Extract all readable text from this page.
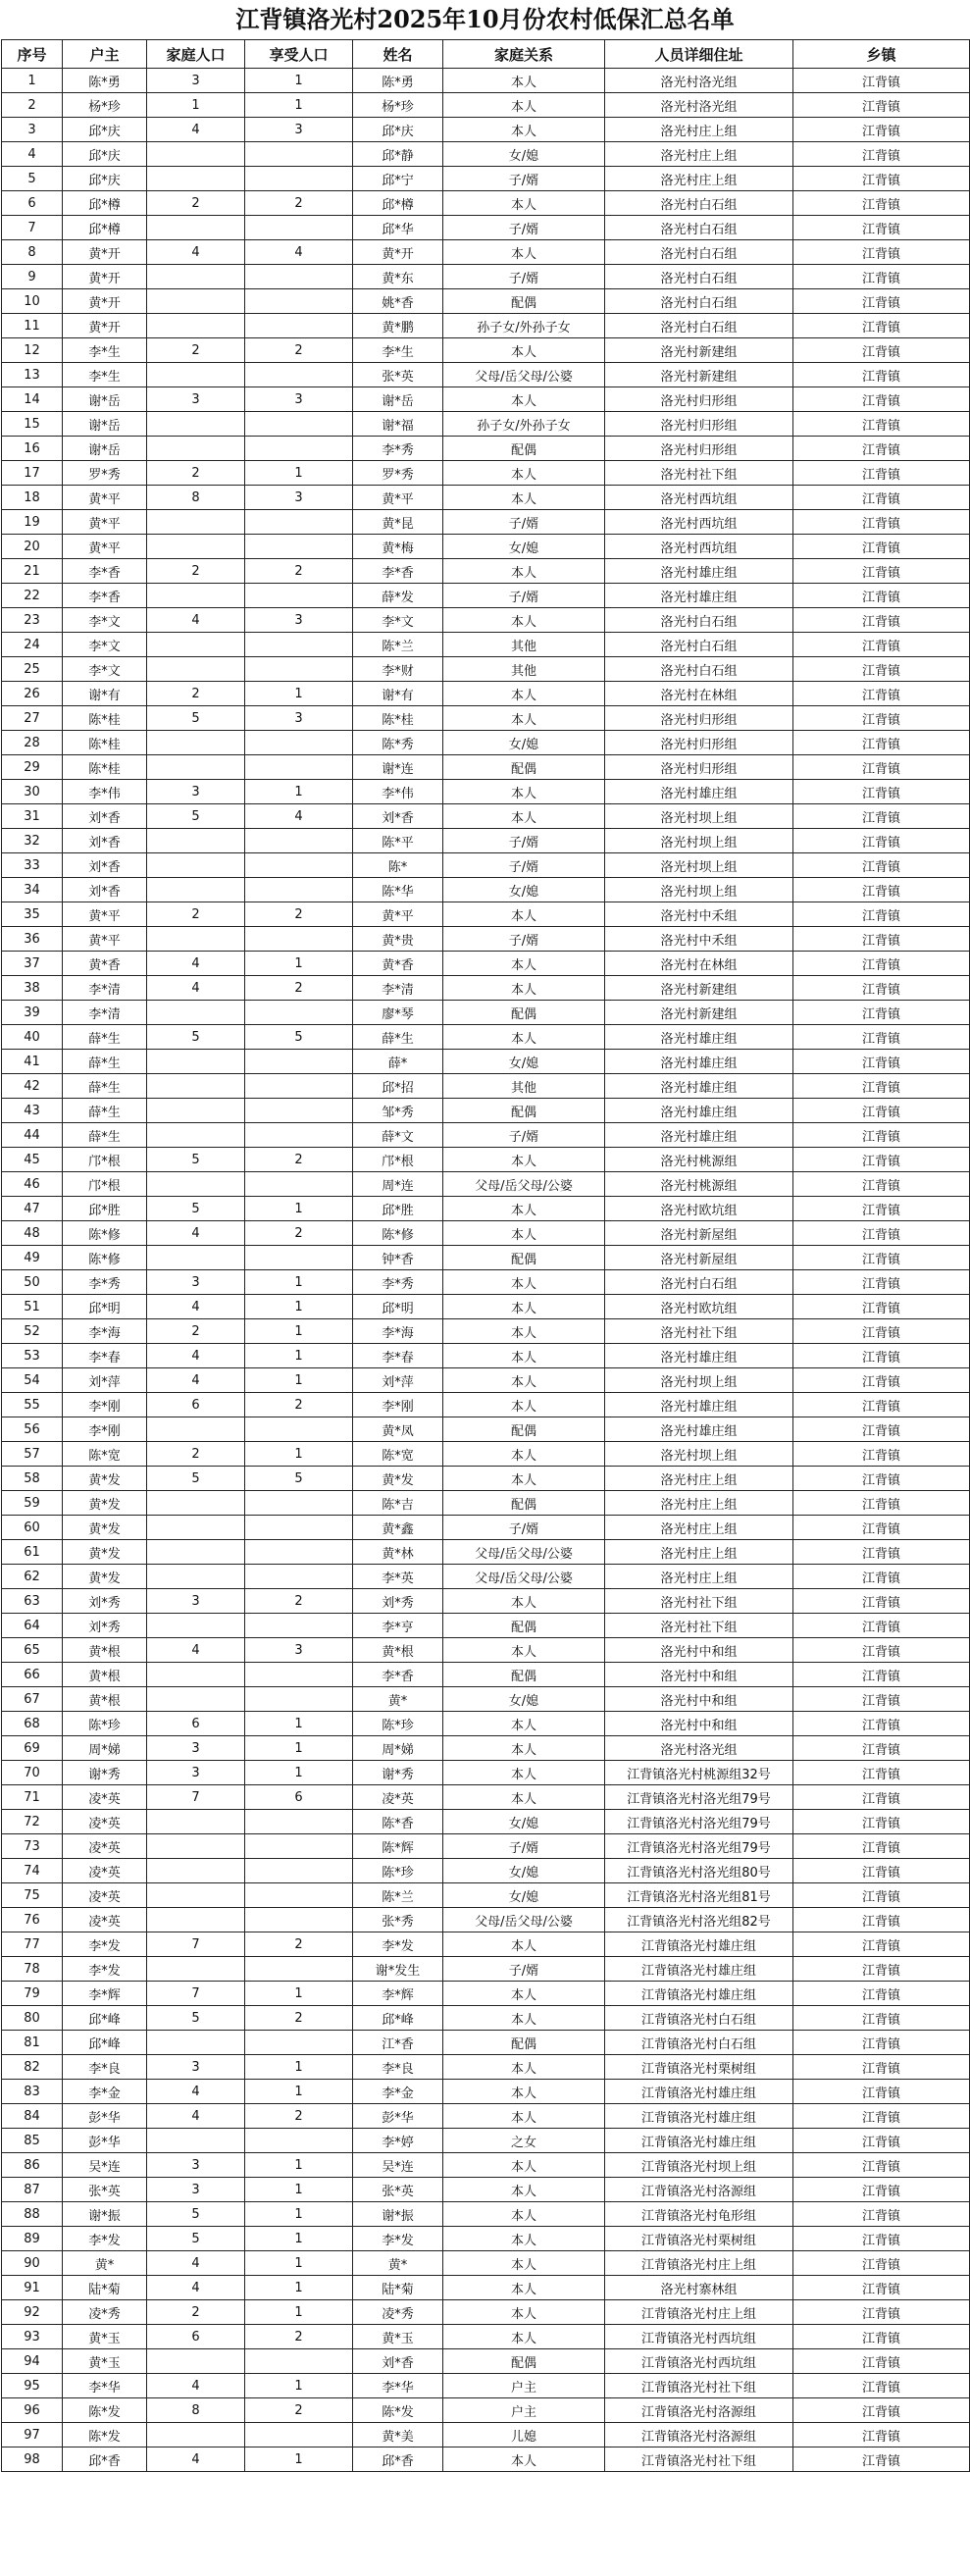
江背镇洛光村2025年10月份农村低保汇总名单
序号	户主	家庭人口	享受人口	姓名	家庭关系	人员详细住址	乡镇
1	陈*勇	3	1	陈*勇	本人	洛光村洛光组	江背镇
2	杨*珍	1	1	杨*珍	本人	洛光村洛光组	江背镇
3	邱*庆	4	3	邱*庆	本人	洛光村庄上组	江背镇
4	邱*庆			邱*静	女/媳	洛光村庄上组	江背镇
5	邱*庆			邱*宁	子/婿	洛光村庄上组	江背镇
6	邱*樽	2	2	邱*樽	本人	洛光村白石组	江背镇
7	邱*樽			邱*华	子/婿	洛光村白石组	江背镇
8	黄*开	4	4	黄*开	本人	洛光村白石组	江背镇
9	黄*开			黄*东	子/婿	洛光村白石组	江背镇
10	黄*开			姚*香	配偶	洛光村白石组	江背镇
11	黄*开			黄*鹏	孙子女/外孙子女	洛光村白石组	江背镇
12	李*生	2	2	李*生	本人	洛光村新建组	江背镇
13	李*生			张*英	父母/岳父母/公婆	洛光村新建组	江背镇
14	谢*岳	3	3	谢*岳	本人	洛光村归形组	江背镇
15	谢*岳			谢*福	孙子女/外孙子女	洛光村归形组	江背镇
16	谢*岳			李*秀	配偶	洛光村归形组	江背镇
17	罗*秀	2	1	罗*秀	本人	洛光村社下组	江背镇
18	黄*平	8	3	黄*平	本人	洛光村西坑组	江背镇
19	黄*平			黄*昆	子/婿	洛光村西坑组	江背镇
20	黄*平			黄*梅	女/媳	洛光村西坑组	江背镇
21	李*香	2	2	李*香	本人	洛光村雄庄组	江背镇
22	李*香			薛*发	子/婿	洛光村雄庄组	江背镇
23	李*文	4	3	李*文	本人	洛光村白石组	江背镇
24	李*文			陈*兰	其他	洛光村白石组	江背镇
25	李*文			李*财	其他	洛光村白石组	江背镇
26	谢*有	2	1	谢*有	本人	洛光村在林组	江背镇
27	陈*桂	5	3	陈*桂	本人	洛光村归形组	江背镇
28	陈*桂			陈*秀	女/媳	洛光村归形组	江背镇
29	陈*桂			谢*连	配偶	洛光村归形组	江背镇
30	李*伟	3	1	李*伟	本人	洛光村雄庄组	江背镇
31	刘*香	5	4	刘*香	本人	洛光村坝上组	江背镇
32	刘*香			陈*平	子/婿	洛光村坝上组	江背镇
33	刘*香			陈*	子/婿	洛光村坝上组	江背镇
34	刘*香			陈*华	女/媳	洛光村坝上组	江背镇
35	黄*平	2	2	黄*平	本人	洛光村中禾组	江背镇
36	黄*平			黄*贵	子/婿	洛光村中禾组	江背镇
37	黄*香	4	1	黄*香	本人	洛光村在林组	江背镇
38	李*清	4	2	李*清	本人	洛光村新建组	江背镇
39	李*清			廖*琴	配偶	洛光村新建组	江背镇
40	薛*生	5	5	薛*生	本人	洛光村雄庄组	江背镇
41	薛*生			薛*	女/媳	洛光村雄庄组	江背镇
42	薛*生			邱*招	其他	洛光村雄庄组	江背镇
43	薛*生			邹*秀	配偶	洛光村雄庄组	江背镇
44	薛*生			薛*文	子/婿	洛光村雄庄组	江背镇
45	邝*根	5	2	邝*根	本人	洛光村桃源组	江背镇
46	邝*根			周*连	父母/岳父母/公婆	洛光村桃源组	江背镇
47	邱*胜	5	1	邱*胜	本人	洛光村欧坑组	江背镇
48	陈*修	4	2	陈*修	本人	洛光村新屋组	江背镇
49	陈*修			钟*香	配偶	洛光村新屋组	江背镇
50	李*秀	3	1	李*秀	本人	洛光村白石组	江背镇
51	邱*明	4	1	邱*明	本人	洛光村欧坑组	江背镇
52	李*海	2	1	李*海	本人	洛光村社下组	江背镇
53	李*春	4	1	李*春	本人	洛光村雄庄组	江背镇
54	刘*萍	4	1	刘*萍	本人	洛光村坝上组	江背镇
55	李*刚	6	2	李*刚	本人	洛光村雄庄组	江背镇
56	李*刚			黄*凤	配偶	洛光村雄庄组	江背镇
57	陈*宽	2	1	陈*宽	本人	洛光村坝上组	江背镇
58	黄*发	5	5	黄*发	本人	洛光村庄上组	江背镇
59	黄*发			陈*吉	配偶	洛光村庄上组	江背镇
60	黄*发			黄*鑫	子/婿	洛光村庄上组	江背镇
61	黄*发			黄*林	父母/岳父母/公婆	洛光村庄上组	江背镇
62	黄*发			李*英	父母/岳父母/公婆	洛光村庄上组	江背镇
63	刘*秀	3	2	刘*秀	本人	洛光村社下组	江背镇
64	刘*秀			李*亨	配偶	洛光村社下组	江背镇
65	黄*根	4	3	黄*根	本人	洛光村中和组	江背镇
66	黄*根			李*香	配偶	洛光村中和组	江背镇
67	黄*根			黄*	女/媳	洛光村中和组	江背镇
68	陈*珍	6	1	陈*珍	本人	洛光村中和组	江背镇
69	周*娣	3	1	周*娣	本人	洛光村洛光组	江背镇
70	谢*秀	3	1	谢*秀	本人	江背镇洛光村桃源组32号	江背镇
71	凌*英	7	6	凌*英	本人	江背镇洛光村洛光组79号	江背镇
72	凌*英			陈*香	女/媳	江背镇洛光村洛光组79号	江背镇
73	凌*英			陈*辉	子/婿	江背镇洛光村洛光组79号	江背镇
74	凌*英			陈*珍	女/媳	江背镇洛光村洛光组80号	江背镇
75	凌*英			陈*兰	女/媳	江背镇洛光村洛光组81号	江背镇
76	凌*英			张*秀	父母/岳父母/公婆	江背镇洛光村洛光组82号	江背镇
77	李*发	7	2	李*发	本人	江背镇洛光村雄庄组	江背镇
78	李*发			谢*发生	子/婿	江背镇洛光村雄庄组	江背镇
79	李*辉	7	1	李*辉	本人	江背镇洛光村雄庄组	江背镇
80	邱*峰	5	2	邱*峰	本人	江背镇洛光村白石组	江背镇
81	邱*峰			江*香	配偶	江背镇洛光村白石组	江背镇
82	李*良	3	1	李*良	本人	江背镇洛光村栗树组	江背镇
83	李*金	4	1	李*金	本人	江背镇洛光村雄庄组	江背镇
84	彭*华	4	2	彭*华	本人	江背镇洛光村雄庄组	江背镇
85	彭*华			李*婷	之女	江背镇洛光村雄庄组	江背镇
86	吴*连	3	1	吴*连	本人	江背镇洛光村坝上组	江背镇
87	张*英	3	1	张*英	本人	江背镇洛光村洛源组	江背镇
88	谢*振	5	1	谢*振	本人	江背镇洛光村龟形组	江背镇
89	李*发	5	1	李*发	本人	江背镇洛光村栗树组	江背镇
90	黄*	4	1	黄*	本人	江背镇洛光村庄上组	江背镇
91	陆*菊	4	1	陆*菊	本人	洛光村寨林组	江背镇
92	凌*秀	2	1	凌*秀	本人	江背镇洛光村庄上组	江背镇
93	黄*玉	6	2	黄*玉	本人	江背镇洛光村西坑组	江背镇
94	黄*玉			刘*香	配偶	江背镇洛光村西坑组	江背镇
95	李*华	4	1	李*华	户主	江背镇洛光村社下组	江背镇
96	陈*发	8	2	陈*发	户主	江背镇洛光村洛源组	江背镇
97	陈*发			黄*美	儿媳	江背镇洛光村洛源组	江背镇
98	邱*香	4	1	邱*香	本人	江背镇洛光村社下组	江背镇
